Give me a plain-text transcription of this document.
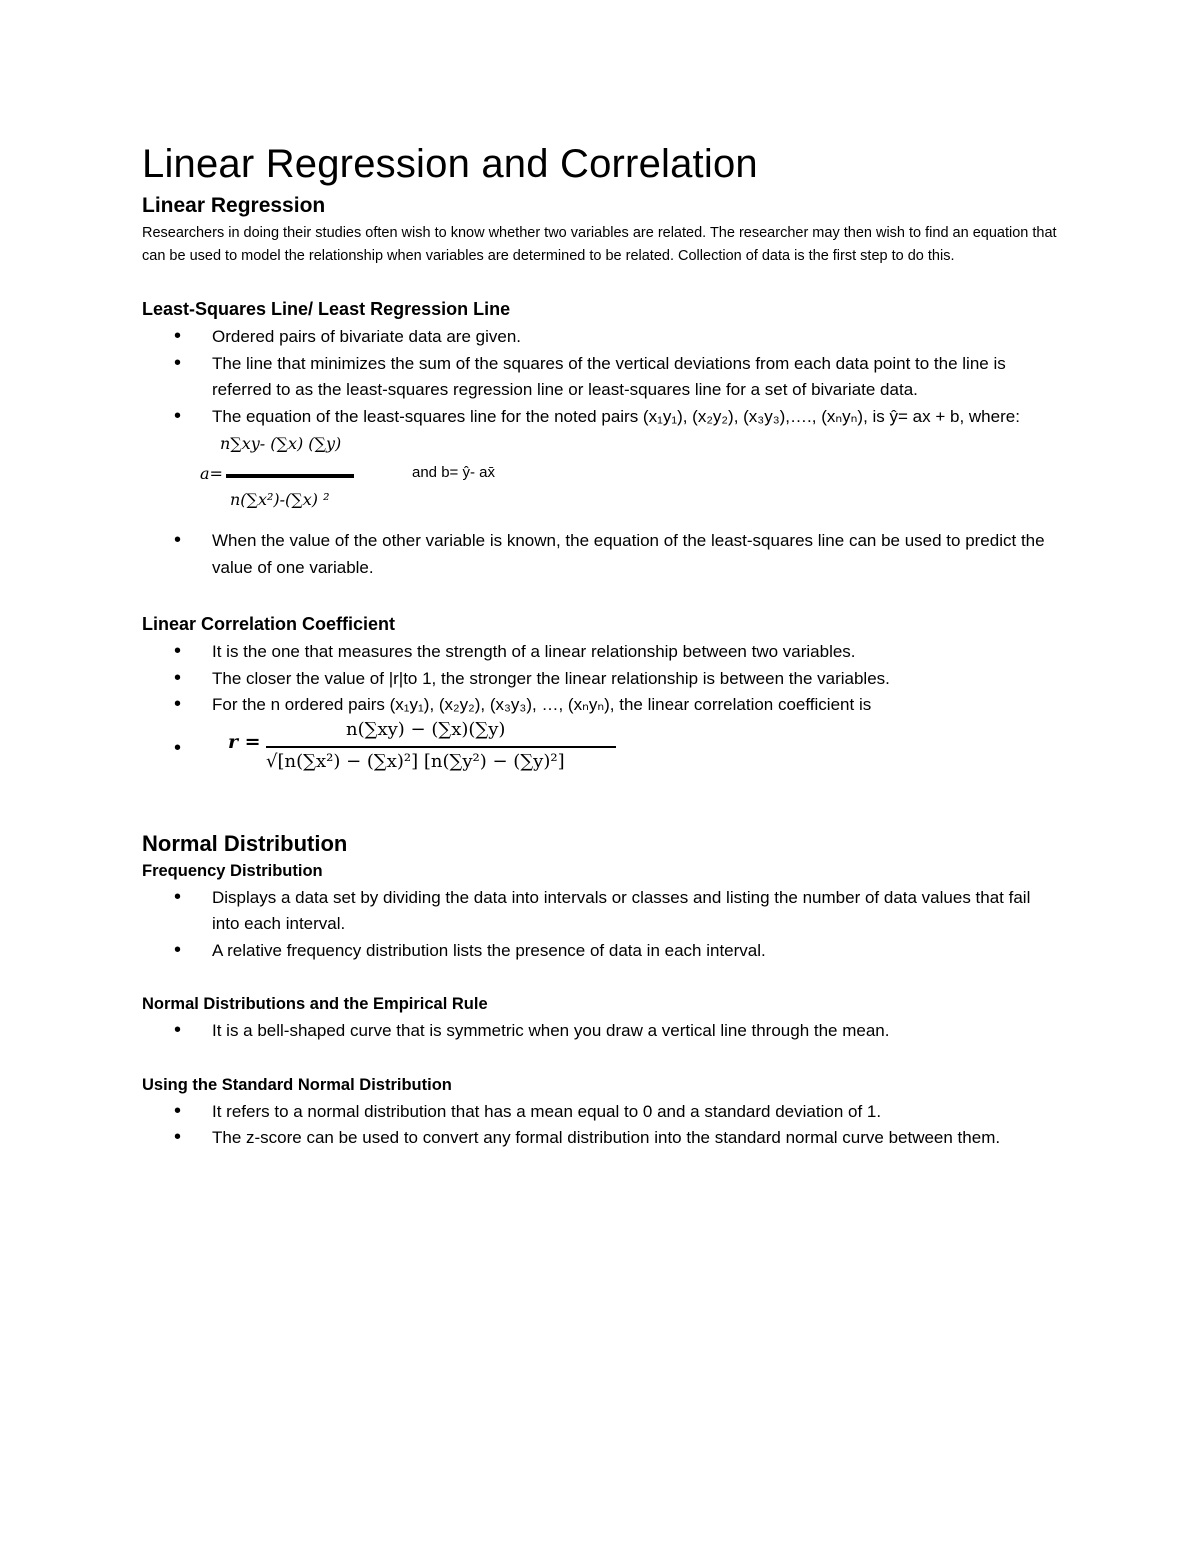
Linear Regression and Correlation
Linear Regression

Researchers in doing their studies often wish to know whether two variables are related. The researcher may then wish to find an equation that can be used to model the relationship when variables are determined to be related. Collection of data is the first step to do this.

Least-Squares Line/ Least Regression Line
• Ordered pairs of bivariate data are given.
• The line that minimizes the sum of the squares of the vertical deviations from each data point to the line is referred to as the least-squares regression line or least-squares line for a set of bivariate data.
• The equation of the least-squares line for the noted pairs (x₁y₁), (x₂y₂), (x₃y₃),…., (xₙyₙ), is ŷ= ax + b, where:
n∑xy- (∑x) (∑y)
a=
n(∑x²)-(∑x) ²
and b= ŷ- ax̄
• When the value of the other variable is known, the equation of the least-squares line can be used to predict the value of one variable.
Linear Correlation Coefficient
• It is the one that measures the strength of a linear relationship between two variables.
• The closer the value of |r|to 1, the stronger the linear relationship is between the variables.
• For the n ordered pairs (x₁y₁), (x₂y₂), (x₃y₃), …, (xₙyₙ), the linear correlation coefficient is
• r =
n(∑xy) − (∑x)(∑y)
√[n(∑x²) − (∑x)²] [n(∑y²) − (∑y)²]
Normal Distribution
Frequency Distribution
• Displays a data set by dividing the data into intervals or classes and listing the number of data values that fail into each interval.
• A relative frequency distribution lists the presence of data in each interval.
Normal Distributions and the Empirical Rule
• It is a bell-shaped curve that is symmetric when you draw a vertical line through the mean.
Using the Standard Normal Distribution
• It refers to a normal distribution that has a mean equal to 0 and a standard deviation of 1.
• The z-score can be used to convert any formal distribution into the standard normal curve between them.
